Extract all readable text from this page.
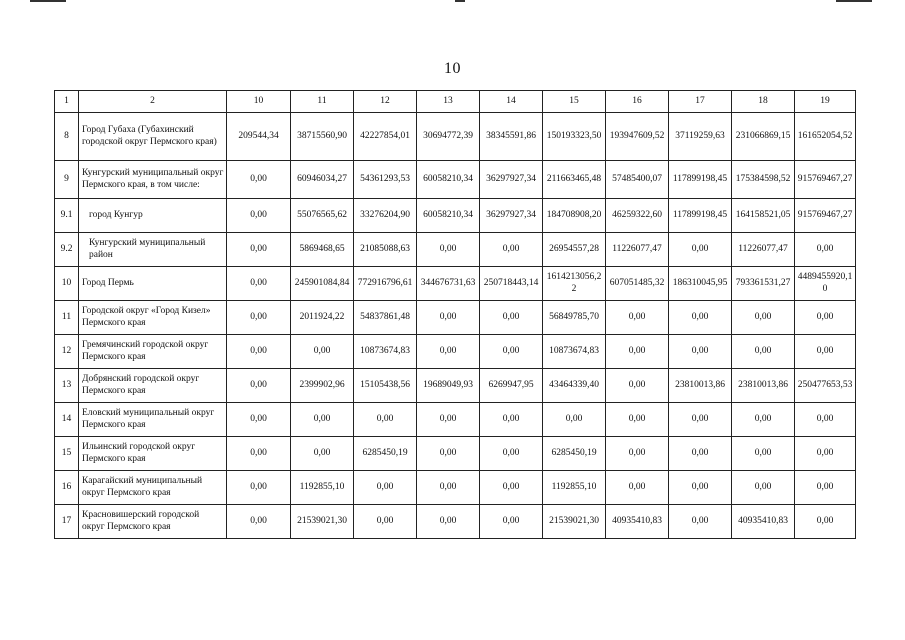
10
1	2	10	11	12	13	14	15	16	17	18	19
8	Город Губаха (Губахинский городской округ Пермского края)	209544,34	38715560,90	42227854,01	30694772,39	38345591,86	150193323,50	193947609,52	37119259,63	231066869,15	161652054,52
9	Кунгурский муниципальный округ Пермского края, в том числе:	0,00	60946034,27	54361293,53	60058210,34	36297927,34	211663465,48	57485400,07	117899198,45	175384598,52	915769467,27
9.1	город Кунгур	0,00	55076565,62	33276204,90	60058210,34	36297927,34	184708908,20	46259322,60	117899198,45	164158521,05	915769467,27
9.2	Кунгурский муниципальный район	0,00	5869468,65	21085088,63	0,00	0,00	26954557,28	11226077,47	0,00	11226077,47	0,00
10	Город Пермь	0,00	245901084,84	772916796,61	344676731,63	250718443,14	1614213056,22	607051485,32	186310045,95	793361531,27	4489455920,10
11	Городской округ «Город Кизел» Пермского края	0,00	2011924,22	54837861,48	0,00	0,00	56849785,70	0,00	0,00	0,00	0,00
12	Гремячинский городской округ Пермского края	0,00	0,00	10873674,83	0,00	0,00	10873674,83	0,00	0,00	0,00	0,00
13	Добрянский городской округ Пермского края	0,00	2399902,96	15105438,56	19689049,93	6269947,95	43464339,40	0,00	23810013,86	23810013,86	250477653,53
14	Еловский муниципальный округ Пермского края	0,00	0,00	0,00	0,00	0,00	0,00	0,00	0,00	0,00	0,00
15	Ильинский городской округ Пермского края	0,00	0,00	6285450,19	0,00	0,00	6285450,19	0,00	0,00	0,00	0,00
16	Карагайский муниципальный округ Пермского края	0,00	1192855,10	0,00	0,00	0,00	1192855,10	0,00	0,00	0,00	0,00
17	Красновишерский городской округ Пермского края	0,00	21539021,30	0,00	0,00	0,00	21539021,30	40935410,83	0,00	40935410,83	0,00
